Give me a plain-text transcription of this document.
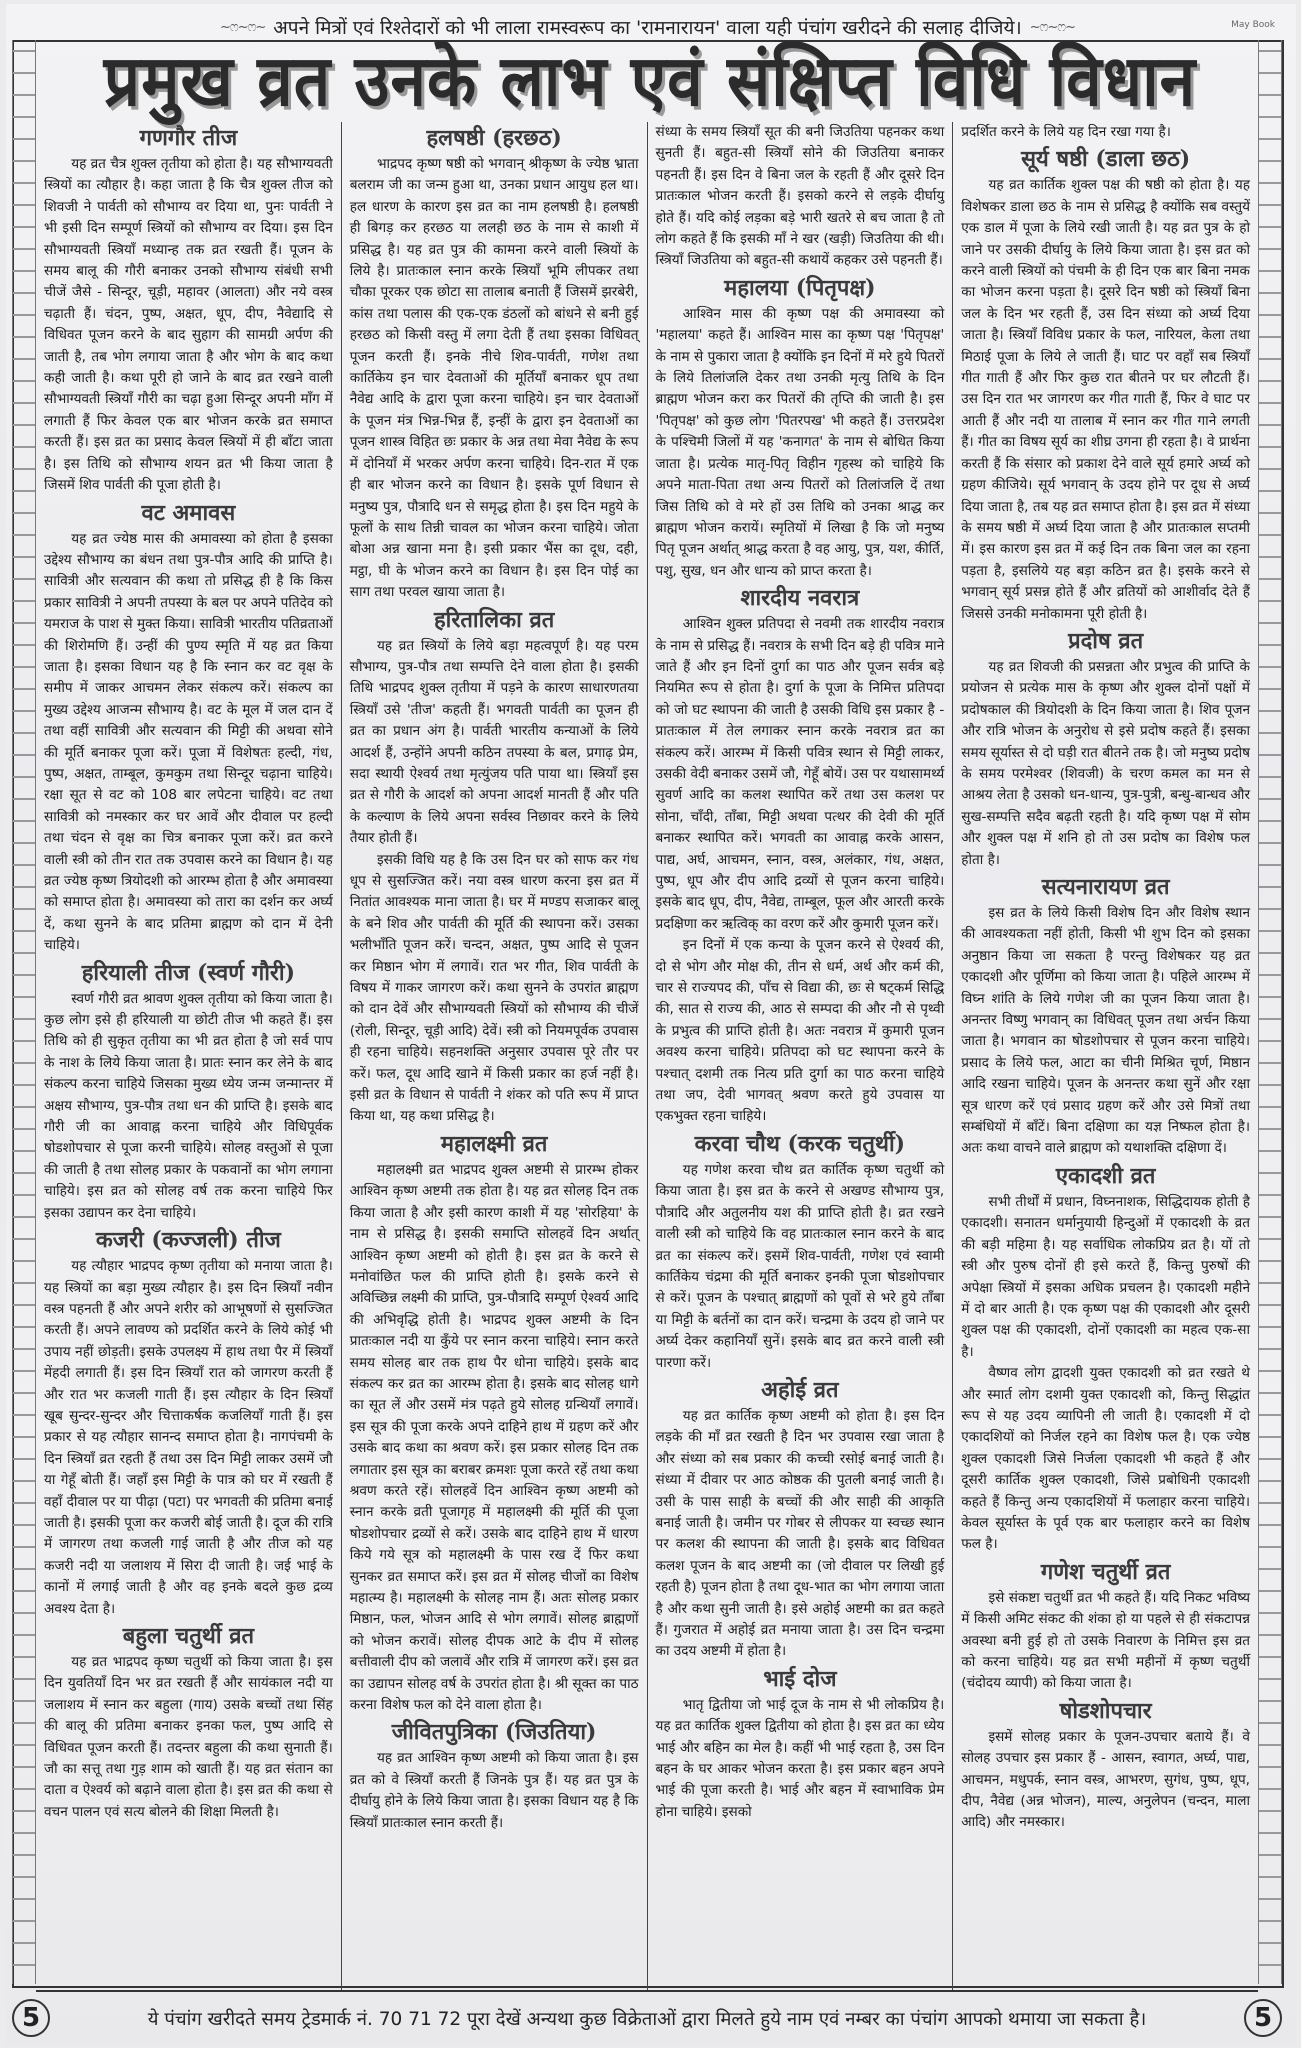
~ෆ~ෆ~ अपने मित्रों एवं रिश्तेदारों को भी लाला रामस्वरूप का 'रामनारायन' वाला यही पंचांग खरीदने की सलाह दीजिये। ~ෆ~ෆ~	May Book
प्रमुख व्रत उनके लाभ एवं संक्षिप्त विधि विधान
गणगौर तीज

यह व्रत चैत्र शुक्ल तृतीया को होता है। यह सौभाग्यवती स्त्रियों का त्यौहार है। कहा जाता है कि चैत्र शुक्ल तीज को शिवजी ने पार्वती को सौभाग्य वर दिया था, पुनः पार्वती ने भी इसी दिन सम्पूर्ण स्त्रियों को सौभाग्य वर दिया। इस दिन सौभाग्यवती स्त्रियाँ मध्यान्ह तक व्रत रखती हैं। पूजन के समय बालू की गौरी बनाकर उनको सौभाग्य संबंधी सभी चीजें जैसे - सिन्दूर, चूड़ी, महावर (आलता) और नये वस्त्र चढ़ाती हैं। चंदन, पुष्प, अक्षत, धूप, दीप, नैवेद्यादि से विधिवत पूजन करने के बाद सुहाग की सामग्री अर्पण की जाती है, तब भोग लगाया जाता है और भोग के बाद कथा कही जाती है। कथा पूरी हो जाने के बाद व्रत रखने वाली सौभाग्यवती स्त्रियाँ गौरी का चढ़ा हुआ सिन्दूर अपनी माँग में लगाती हैं फिर केवल एक बार भोजन करके व्रत समाप्त करती हैं। इस व्रत का प्रसाद केवल स्त्रियों में ही बाँटा जाता है। इस तिथि को सौभाग्य शयन व्रत भी किया जाता है जिसमें शिव पार्वती की पूजा होती है।

वट अमावस

यह व्रत ज्येष्ठ मास की अमावस्या को होता है इसका उद्देश्य सौभाग्य का बंधन तथा पुत्र-पौत्र आदि की प्राप्ति है। सावित्री और सत्यवान की कथा तो प्रसिद्ध ही है कि किस प्रकार सावित्री ने अपनी तपस्या के बल पर अपने पतिदेव को यमराज के पाश से मुक्त किया। सावित्री भारतीय पतिव्रताओं की शिरोमणि हैं। उन्हीं की पुण्य स्मृति में यह व्रत किया जाता है। इसका विधान यह है कि स्नान कर वट वृक्ष के समीप में जाकर आचमन लेकर संकल्प करें। संकल्प का मुख्य उद्देश्य आजन्म सौभाग्य है। वट के मूल में जल दान दें तथा वहीं सावित्री और सत्यवान की मिट्टी की अथवा सोने की मूर्ति बनाकर पूजा करें। पूजा में विशेषतः हल्दी, गंध, पुष्प, अक्षत, ताम्बूल, कुमकुम तथा सिन्दूर चढ़ाना चाहिये। रक्षा सूत से वट को 108 बार लपेटना चाहिये। वट तथा सावित्री को नमस्कार कर घर आवें और दीवाल पर हल्दी तथा चंदन से वृक्ष का चित्र बनाकर पूजा करें। व्रत करने वाली स्त्री को तीन रात तक उपवास करने का विधान है। यह व्रत ज्येष्ठ कृष्ण त्रियोदशी को आरम्भ होता है और अमावस्या को समाप्त होता है। अमावस्या को तारा का दर्शन कर अर्घ्य दें, कथा सुनने के बाद प्रतिमा ब्राह्मण को दान में देनी चाहिये।

हरियाली तीज (स्वर्ण गौरी)

स्वर्ण गौरी व्रत श्रावण शुक्ल तृतीया को किया जाता है। कुछ लोग इसे ही हरियाली या छोटी तीज भी कहते हैं। इस तिथि को ही सुकृत तृतीया का भी व्रत होता है जो सर्व पाप के नाश के लिये किया जाता है। प्रातः स्नान कर लेने के बाद संकल्प करना चाहिये जिसका मुख्य ध्येय जन्म जन्मान्तर में अक्षय सौभाग्य, पुत्र-पौत्र तथा धन की प्राप्ति है। इसके बाद गौरी जी का आवाह्न करना चाहिये और विधिपूर्वक षोडशोपचार से पूजा करनी चाहिये। सोलह वस्तुओं से पूजा की जाती है तथा सोलह प्रकार के पकवानों का भोग लगाना चाहिये। इस व्रत को सोलह वर्ष तक करना चाहिये फिर इसका उद्यापन कर देना चाहिये।

कजरी (कज्जली) तीज

यह त्यौहार भाद्रपद कृष्ण तृतीया को मनाया जाता है। यह स्त्रियों का बड़ा मुख्य त्यौहार है। इस दिन स्त्रियाँ नवीन वस्त्र पहनती हैं और अपने शरीर को आभूषणों से सुसज्जित करती हैं। अपने लावण्य को प्रदर्शित करने के लिये कोई भी उपाय नहीं छोड़ती। इसके उपलक्ष्य में हाथ तथा पैर में स्त्रियाँ मेंहदी लगाती हैं। इस दिन स्त्रियाँ रात को जागरण करती हैं और रात भर कजली गाती हैं। इस त्यौहार के दिन स्त्रियाँ खूब सुन्दर-सुन्दर और चित्ताकर्षक कजलियाँ गाती हैं। इस प्रकार से यह त्यौहार सानन्द समाप्त होता है। नागपंचमी के दिन स्त्रियाँ व्रत रहती हैं तथा उस दिन मिट्टी लाकर उसमें जौ या गेहूँ बोती हैं। जहाँ इस मिट्टी के पात्र को घर में रखती हैं वहाँ दीवाल पर या पीढ़ा (पटा) पर भगवती की प्रतिमा बनाई जाती है। इसकी पूजा कर कजरी बोई जाती है। दूज की रात्रि में जागरण तथा कजली गाई जाती है और तीज को यह कजरी नदी या जलाशय में सिरा दी जाती है। जई भाई के कानों में लगाई जाती है और वह इनके बदले कुछ द्रव्य अवश्य देता है।

बहुला चतुर्थी व्रत

यह व्रत भाद्रपद कृष्ण चतुर्थी को किया जाता है। इस दिन युवतियाँ दिन भर व्रत रखती हैं और सायंकाल नदी या जलाशय में स्नान कर बहुला (गाय) उसके बच्चों तथा सिंह की बालू की प्रतिमा बनाकर इनका फल, पुष्प आदि से विधिवत पूजन करती हैं। तदन्तर बहुला की कथा सुनाती हैं। जौ का सत्तू तथा गुड़ शाम को खाती हैं। यह व्रत संतान का दाता व ऐश्वर्य को बढ़ाने वाला होता है। इस व्रत की कथा से वचन पालन एवं सत्य बोलने की शिक्षा मिलती है।

हलषष्ठी (हरछठ)

भाद्रपद कृष्ण षष्ठी को भगवान् श्रीकृष्ण के ज्येष्ठ भ्राता बलराम जी का जन्म हुआ था, उनका प्रधान आयुध हल था। हल धारण के कारण इस व्रत का नाम हलषष्ठी है। हलषष्ठी ही बिगड़ कर हरछठ या ललही छठ के नाम से काशी में प्रसिद्ध है। यह व्रत पुत्र की कामना करने वाली स्त्रियों के लिये है। प्रातःकाल स्नान करके स्त्रियाँ भूमि लीपकर तथा चौका पूरकर एक छोटा सा तालाब बनाती हैं जिसमें झरबेरी, कांस तथा पलास की एक-एक डंठलों को बांधने से बनी हुई हरछठ को किसी वस्तु में लगा देती हैं तथा इसका विधिवत् पूजन करती हैं। इनके नीचे शिव-पार्वती, गणेश तथा कार्तिकेय इन चार देवताओं की मूर्तियाँ बनाकर धूप तथा नैवेद्य आदि के द्वारा पूजा करना चाहिये। इन चार देवताओं के पूजन मंत्र भिन्न-भिन्न हैं, इन्हीं के द्वारा इन देवताओं का पूजन शास्त्र विहित छः प्रकार के अन्न तथा मेवा नैवेद्य के रूप में दोनियाँ में भरकर अर्पण करना चाहिये। दिन-रात में एक ही बार भोजन करने का विधान है। इसके पूर्ण विधान से मनुष्य पुत्र, पौत्रादि धन से समृद्ध होता है। इस दिन महुये के फूलों के साथ तिन्नी चावल का भोजन करना चाहिये। जोता बोआ अन्न खाना मना है। इसी प्रकार भैंस का दूध, दही, मट्ठा, घी के भोजन करने का विधान है। इस दिन पोई का साग तथा परवल खाया जाता है।

हरितालिका व्रत

यह व्रत स्त्रियों के लिये बड़ा महत्वपूर्ण है। यह परम सौभाग्य, पुत्र-पौत्र तथा सम्पत्ति देने वाला होता है। इसकी तिथि भाद्रपद शुक्ल तृतीया में पड़ने के कारण साधारणतया स्त्रियाँ उसे 'तीज' कहती हैं। भगवती पार्वती का पूजन ही व्रत का प्रधान अंग है। पार्वती भारतीय कन्याओं के लिये आदर्श हैं, उन्होंने अपनी कठिन तपस्या के बल, प्रगाढ़ प्रेम, सदा स्थायी ऐश्वर्य तथा मृत्युंजय पति पाया था। स्त्रियाँ इस व्रत से गौरी के आदर्श को अपना आदर्श मानती हैं और पति के कल्याण के लिये अपना सर्वस्व निछावर करने के लिये तैयार होती हैं।

इसकी विधि यह है कि उस दिन घर को साफ कर गंध धूप से सुसज्जित करें। नया वस्त्र धारण करना इस व्रत में नितांत आवश्यक माना जाता है। घर में मण्डप सजाकर बालू के बने शिव और पार्वती की मूर्ति की स्थापना करें। उसका भलीभाँति पूजन करें। चन्दन, अक्षत, पुष्प आदि से पूजन कर मिष्ठान भोग में लगावें। रात भर गीत, शिव पार्वती के विषय में गाकर जागरण करें। कथा सुनने के उपरांत ब्राह्मण को दान देवें और सौभाग्यवती स्त्रियों को सौभाग्य की चीजें (रोली, सिन्दूर, चूड़ी आदि) देवें। स्त्री को नियमपूर्वक उपवास ही रहना चाहिये। सहनशक्ति अनुसार उपवास पूरे तौर पर करें। फल, दूध आदि खाने में किसी प्रकार का हर्ज नहीं है। इसी व्रत के विधान से पार्वती ने शंकर को पति रूप में प्राप्त किया था, यह कथा प्रसिद्ध है।

महालक्ष्मी व्रत

महालक्ष्मी व्रत भाद्रपद शुक्ल अष्टमी से प्रारम्भ होकर आश्विन कृष्ण अष्टमी तक होता है। यह व्रत सोलह दिन तक किया जाता है और इसी कारण काशी में यह 'सोरहिया' के नाम से प्रसिद्ध है। इसकी समाप्ति सोलहवें दिन अर्थात् आश्विन कृष्ण अष्टमी को होती है। इस व्रत के करने से मनोवांछित फल की प्राप्ति होती है। इसके करने से अविच्छिन्न लक्ष्मी की प्राप्ति, पुत्र-पौत्रादि सम्पूर्ण ऐश्वर्य आदि की अभिवृद्धि होती है। भाद्रपद शुक्ल अष्टमी के दिन प्रातःकाल नदी या कुँये पर स्नान करना चाहिये। स्नान करते समय सोलह बार तक हाथ पैर धोना चाहिये। इसके बाद संकल्प कर व्रत का आरम्भ होता है। इसके बाद सोलह धागे का सूत लें और उसमें मंत्र पढ़ते हुये सोलह ग्रन्थियाँ लगावें। इस सूत्र की पूजा करके अपने दाहिने हाथ में ग्रहण करें और उसके बाद कथा का श्रवण करें। इस प्रकार सोलह दिन तक लगातार इस सूत्र का बराबर क्रमशः पूजा करते रहें तथा कथा श्रवण करते रहें। सोलहवें दिन आश्विन कृष्ण अष्टमी को स्नान करके व्रती पूजागृह में महालक्ष्मी की मूर्ति की पूजा षोडशोपचार द्रव्यों से करें। उसके बाद दाहिने हाथ में धारण किये गये सूत्र को महालक्ष्मी के पास रख दें फिर कथा सुनकर व्रत समाप्त करें। इस व्रत में सोलह चीजों का विशेष महात्म्य है। महालक्ष्मी के सोलह नाम हैं। अतः सोलह प्रकार मिष्ठान, फल, भोजन आदि से भोग लगावें। सोलह ब्राह्मणों को भोजन करावें। सोलह दीपक आटे के दीप में सोलह बत्तीवाली दीप को जलावें और रात्रि में जागरण करें। इस व्रत का उद्यापन सोलह वर्ष के उपरांत होता है। श्री सूक्त का पाठ करना विशेष फल को देने वाला होता है।

जीवितपुत्रिका (जिउतिया)

यह व्रत आश्विन कृष्ण अष्टमी को किया जाता है। इस व्रत को वे स्त्रियाँ करती हैं जिनके पुत्र हैं। यह व्रत पुत्र के दीर्घायु होने के लिये किया जाता है। इसका विधान यह है कि स्त्रियाँ प्रातःकाल स्नान करती हैं।

संध्या के समय स्त्रियाँ सूत की बनी जिउतिया पहनकर कथा सुनती हैं। बहुत-सी स्त्रियाँ सोने की जिउतिया बनाकर पहनती हैं। इस दिन वे बिना जल के रहती हैं और दूसरे दिन प्रातःकाल भोजन करती हैं। इसको करने से लड़के दीर्घायु होते हैं। यदि कोई लड़का बड़े भारी खतरे से बच जाता है तो लोग कहते हैं कि इसकी माँ ने खर (खड़ी) जिउतिया की थी। स्त्रियाँ जिउतिया को बहुत-सी कथायें कहकर उसे पहनती हैं।

महालया (पितृपक्ष)

आश्विन मास की कृष्ण पक्ष की अमावस्या को 'महालया' कहते हैं। आश्विन मास का कृष्ण पक्ष 'पितृपक्ष' के नाम से पुकारा जाता है क्योंकि इन दिनों में मरे हुये पितरों के लिये तिलांजलि देकर तथा उनकी मृत्यु तिथि के दिन ब्राह्मण भोजन करा कर पितरों की तृप्ति की जाती है। इस 'पितृपक्ष' को कुछ लोग 'पितरपख' भी कहते हैं। उत्तरप्रदेश के पश्चिमी जिलों में यह 'कनागत' के नाम से बोधित किया जाता है। प्रत्येक मातृ-पितृ विहीन गृहस्थ को चाहिये कि अपने माता-पिता तथा अन्य पितरों को तिलांजलि दें तथा जिस तिथि को वे मरे हों उस तिथि को उनका श्राद्ध कर ब्राह्मण भोजन करायें। स्मृतियों में लिखा है कि जो मनुष्य पितृ पूजन अर्थात् श्राद्ध करता है वह आयु, पुत्र, यश, कीर्ति, पशु, सुख, धन और धान्य को प्राप्त करता है।

शारदीय नवरात्र

आश्विन शुक्ल प्रतिपदा से नवमी तक शारदीय नवरात्र के नाम से प्रसिद्ध हैं। नवरात्र के सभी दिन बड़े ही पवित्र माने जाते हैं और इन दिनों दुर्गा का पाठ और पूजन सर्वत्र बड़े नियमित रूप से होता है। दुर्गा के पूजा के निमित्त प्रतिपदा को जो घट स्थापना की जाती है उसकी विधि इस प्रकार है - प्रातःकाल में तेल लगाकर स्नान करके नवरात्र व्रत का संकल्प करें। आरम्भ में किसी पवित्र स्थान से मिट्टी लाकर, उसकी वेदी बनाकर उसमें जौ, गेहूँ बोयें। उस पर यथासामर्थ्य सुवर्ण आदि का कलश स्थापित करें तथा उस कलश पर सोना, चाँदी, ताँबा, मिट्टी अथवा पत्थर की देवी की मूर्ति बनाकर स्थापित करें। भगवती का आवाह्न करके आसन, पाद्य, अर्घ, आचमन, स्नान, वस्त्र, अलंकार, गंध, अक्षत, पुष्प, धूप और दीप आदि द्रव्यों से पूजन करना चाहिये। इसके बाद धूप, दीप, नैवेद्य, ताम्बूल, फूल और आरती करके प्रदक्षिणा कर ऋत्विक् का वरण करें और कुमारी पूजन करें।

इन दिनों में एक कन्या के पूजन करने से ऐश्वर्य की, दो से भोग और मोक्ष की, तीन से धर्म, अर्थ और कर्म की, चार से राज्यपद की, पाँच से विद्या की, छः से षट्कर्म सिद्धि की, सात से राज्य की, आठ से सम्पदा की और नौ से पृथ्वी के प्रभुत्व की प्राप्ति होती है। अतः नवरात्र में कुमारी पूजन अवश्य करना चाहिये। प्रतिपदा को घट स्थापना करने के पश्चात् दशमी तक नित्य प्रति दुर्गा का पाठ करना चाहिये तथा जप, देवी भागवत् श्रवण करते हुये उपवास या एकभुक्त रहना चाहिये।

करवा चौथ (करक चतुर्थी)

यह गणेश करवा चौथ व्रत कार्तिक कृष्ण चतुर्थी को किया जाता है। इस व्रत के करने से अखण्ड सौभाग्य पुत्र, पौत्रादि और अतुलनीय यश की प्राप्ति होती है। व्रत रखने वाली स्त्री को चाहिये कि वह प्रातःकाल स्नान करने के बाद व्रत का संकल्प करें। इसमें शिव-पार्वती, गणेश एवं स्वामी कार्तिकेय चंद्रमा की मूर्ति बनाकर इनकी पूजा षोडशोपचार से करें। पूजन के पश्चात् ब्राह्मणों को पूवों से भरे हुये ताँबा या मिट्टी के बर्तनों का दान करें। चन्द्रमा के उदय हो जाने पर अर्घ्य देकर कहानियाँ सुनें। इसके बाद व्रत करने वाली स्त्री पारणा करें।

अहोई व्रत

यह व्रत कार्तिक कृष्ण अष्टमी को होता है। इस दिन लड़के की माँ व्रत रखती है दिन भर उपवास रखा जाता है और संध्या को सब प्रकार की कच्ची रसोई बनाई जाती है। संध्या में दीवार पर आठ कोष्ठक की पुतली बनाई जाती है। उसी के पास साही के बच्चों की और साही की आकृति बनाई जाती है। जमीन पर गोबर से लीपकर या स्वच्छ स्थान पर कलश की स्थापना की जाती है। इसके बाद विधिवत कलश पूजन के बाद अष्टमी का (जो दीवाल पर लिखी हुई रहती है) पूजन होता है तथा दूध-भात का भोग लगाया जाता है और कथा सुनी जाती है। इसे अहोई अष्टमी का व्रत कहते हैं। गुजरात में अहोई व्रत मनाया जाता है। उस दिन चन्द्रमा का उदय अष्टमी में होता है।

भाई दोज

भातृ द्वितीया जो भाई दूज के नाम से भी लोकप्रिय है। यह व्रत कार्तिक शुक्ल द्वितीया को होता है। इस व्रत का ध्येय भाई और बहिन का मेल है। कहीं भी भाई रहता है, उस दिन बहन के घर आकर भोजन करता है। इस प्रकार बहन अपने भाई की पूजा करती है। भाई और बहन में स्वाभाविक प्रेम होना चाहिये। इसको

प्रदर्शित करने के लिये यह दिन रखा गया है।

सूर्य षष्ठी (डाला छठ)

यह व्रत कार्तिक शुक्ल पक्ष की षष्ठी को होता है। यह विशेषकर डाला छठ के नाम से प्रसिद्ध है क्योंकि सब वस्तुयें एक डाल में पूजा के लिये रखी जाती है। यह व्रत पुत्र के हो जाने पर उसकी दीर्घायु के लिये किया जाता है। इस व्रत को करने वाली स्त्रियों को पंचमी के ही दिन एक बार बिना नमक का भोजन करना पड़ता है। दूसरे दिन षष्ठी को स्त्रियाँ बिना जल के दिन भर रहती हैं, उस दिन संध्या को अर्घ्य दिया जाता है। स्त्रियाँ विविध प्रकार के फल, नारियल, केला तथा मिठाई पूजा के लिये ले जाती हैं। घाट पर वहाँ सब स्त्रियाँ गीत गाती हैं और फिर कुछ रात बीतने पर घर लौटती हैं। उस दिन रात भर जागरण कर गीत गाती हैं, फिर वे घाट पर आती हैं और नदी या तालाब में स्नान कर गीत गाने लगती हैं। गीत का विषय सूर्य का शीघ्र उगना ही रहता है। वे प्रार्थना करती हैं कि संसार को प्रकाश देने वाले सूर्य हमारे अर्घ्य को ग्रहण कीजिये। सूर्य भगवान् के उदय होने पर दूध से अर्घ्य दिया जाता है, तब यह व्रत समाप्त होता है। इस व्रत में संध्या के समय षष्ठी में अर्घ्य दिया जाता है और प्रातःकाल सप्तमी में। इस कारण इस व्रत में कई दिन तक बिना जल का रहना पड़ता है, इसलिये यह बड़ा कठिन व्रत है। इसके करने से भगवान् सूर्य प्रसन्न होते हैं और व्रतियों को आशीर्वाद देते हैं जिससे उनकी मनोकामना पूरी होती है।

प्रदोष व्रत

यह व्रत शिवजी की प्रसन्नता और प्रभुत्व की प्राप्ति के प्रयोजन से प्रत्येक मास के कृष्ण और शुक्ल दोनों पक्षों में प्रदोषकाल की त्रियोदशी के दिन किया जाता है। शिव पूजन और रात्रि भोजन के अनुरोध से इसे प्रदोष कहते हैं। इसका समय सूर्यास्त से दो घड़ी रात बीतने तक है। जो मनुष्य प्रदोष के समय परमेश्वर (शिवजी) के चरण कमल का मन से आश्रय लेता है उसको धन-धान्य, पुत्र-पुत्री, बन्धु-बान्धव और सुख-सम्पत्ति सदैव बढ़ती रहती है। यदि कृष्ण पक्ष में सोम और शुक्ल पक्ष में शनि हो तो उस प्रदोष का विशेष फल होता है।

सत्यनारायण व्रत

इस व्रत के लिये किसी विशेष दिन और विशेष स्थान की आवश्यकता नहीं होती, किसी भी शुभ दिन को इसका अनुष्ठान किया जा सकता है परन्तु विशेषकर यह व्रत एकादशी और पूर्णिमा को किया जाता है। पहिले आरम्भ में विघ्न शांति के लिये गणेश जी का पूजन किया जाता है। अनन्तर विष्णु भगवान् का विधिवत् पूजन तथा अर्चन किया जाता है। भगवान का षोडशोपचार से पूजन करना चाहिये। प्रसाद के लिये फल, आटा का चीनी मिश्रित चूर्ण, मिष्ठान आदि रखना चाहिये। पूजन के अनन्तर कथा सुनें और रक्षा सूत्र धारण करें एवं प्रसाद ग्रहण करें और उसे मित्रों तथा सम्बंधियों में बाँटें। बिना दक्षिणा का यज्ञ निष्फल होता है। अतः कथा वाचने वाले ब्राह्मण को यथाशक्ति दक्षिणा दें।

एकादशी व्रत

सभी तीर्थों में प्रधान, विघ्ननाशक, सिद्धिदायक होती है एकादशी। सनातन धर्मानुयायी हिन्दुओं में एकादशी के व्रत की बड़ी महिमा है। यह सर्वाधिक लोकप्रिय व्रत है। यों तो स्त्री और पुरुष दोनों ही इसे करते हैं, किन्तु पुरुषों की अपेक्षा स्त्रियों में इसका अधिक प्रचलन है। एकादशी महीने में दो बार आती है। एक कृष्ण पक्ष की एकादशी और दूसरी शुक्ल पक्ष की एकादशी, दोनों एकादशी का महत्व एक-सा है।

वैष्णव लोग द्वादशी युक्त एकादशी को व्रत रखते थे और स्मार्त लोग दशमी युक्त एकादशी को, किन्तु सिद्धांत रूप से यह उदय व्यापिनी ली जाती है। एकादशी में दो एकादशियों को निर्जल रहने का विशेष फल है। एक ज्येष्ठ शुक्ल एकादशी जिसे निर्जला एकादशी भी कहते हैं और दूसरी कार्तिक शुक्ल एकादशी, जिसे प्रबोधिनी एकादशी कहते हैं किन्तु अन्य एकादशियों में फलाहार करना चाहिये। केवल सूर्यास्त के पूर्व एक बार फलाहार करने का विशेष फल है।

गणेश चतुर्थी व्रत

इसे संकष्टा चतुर्थी व्रत भी कहते हैं। यदि निकट भविष्य में किसी अमिट संकट की शंका हो या पहले से ही संकटापन्न अवस्था बनी हुई हो तो उसके निवारण के निमित्त इस व्रत को करना चाहिये। यह व्रत सभी महीनों में कृष्ण चतुर्थी (चंदोदय व्यापी) को किया जाता है।

षोडशोपचार

इसमें सोलह प्रकार के पूजन-उपचार बताये हैं। वे सोलह उपचार इस प्रकार हैं - आसन, स्वागत, अर्घ्य, पाद्य, आचमन, मधुपर्क, स्नान वस्त्र, आभरण, सुगंध, पुष्प, धूप, दीप, नैवेद्य (अन्न भोजन), माल्य, अनुलेपन (चन्दन, माला आदि) और नमस्कार।

5	ये पंचांग खरीदते समय ट्रेडमार्क नं. 70 71 72 पूरा देखें अन्यथा कुछ विक्रेताओं द्वारा मिलते हुये नाम एवं नम्बर का पंचांग आपको थमाया जा सकता है।	5
